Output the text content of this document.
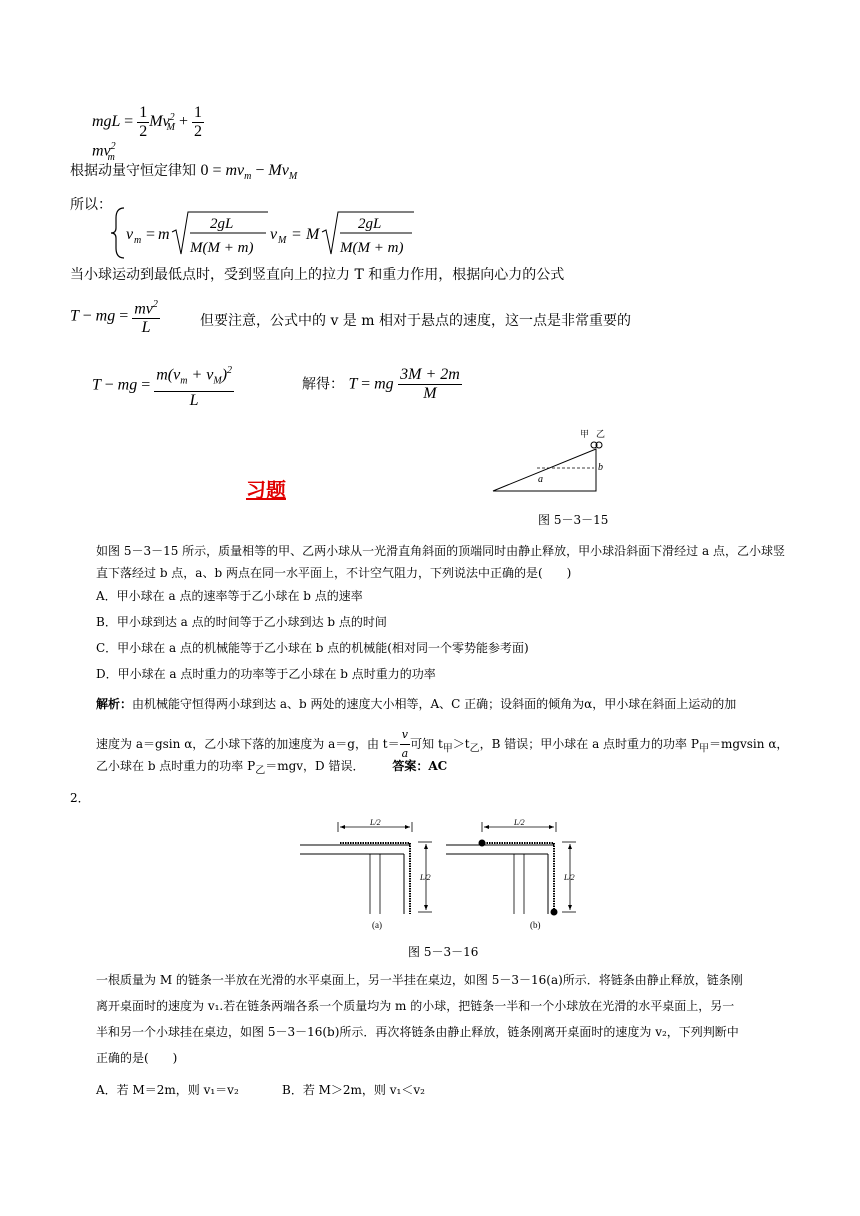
mgL = $\frac{1}{2} Mv^2_M + \frac{1}{2}$
$mv^2_m$
根据动量守恒定律知 $0 = mv_m - Mv_M$
所以：
v m = m
2gL
M(M + m)
v M = M
2gL
M(M + m)
当小球运动到最低点时，受到竖直向上的拉力 T 和重力作用，根据向心力的公式
T − mg = $\frac{mv^2}{L}$	但要注意，公式中的 v 是 m 相对于悬点的速度，这一点是非常重要的
T − mg = $\frac{m(v_m + v_M)^2}{L}$	解得： T = mg $\frac{3M + 2m}{M}$
习题
甲 乙
a
b
图 5－3－15
如图 5－3－15 所示，质量相等的甲、乙两小球从一光滑直角斜面的顶端同时由静止释放，甲小球沿斜面下滑经过 a 点，乙小球竖直下落经过 b 点，a、b 两点在同一水平面上，不计空气阻力，下列说法中正确的是(　　)
A．甲小球在 a 点的速率等于乙小球在 b 点的速率
B．甲小球到达 a 点的时间等于乙小球到达 b 点的时间
C．甲小球在 a 点的机械能等于乙小球在 b 点的机械能(相对同一个零势能参考面)
D．甲小球在 a 点时重力的功率等于乙小球在 b 点时重力的功率
解析：由机械能守恒得两小球到达 a、b 两处的速度大小相等，A、C 正确；设斜面的倾角为α，甲小球在斜面上运动的加
速度为 a＝gsin α，乙小球下落的加速度为 a＝g，由 $t= \frac{v}{a}$ 可知 $t_甲>t_乙$，B 错误；甲小球在 a 点时重力的功率 $P_甲=mgvsin$ α，
乙小球在 b 点时重力的功率 $P_乙=mgv$，D 错误． 答案：AC
2．
L/2
L/2
(a)
L/2
L/2
(b)
图 5－3－16
一根质量为 M 的链条一半放在光滑的水平桌面上，另一半挂在桌边，如图 5－3－16(a)所示．将链条由静止释放，链条刚
离开桌面时的速度为 v₁.若在链条两端各系一个质量均为 m 的小球，把链条一半和一个小球放在光滑的水平桌面上，另一
半和另一个小球挂在桌边，如图 5－3－16(b)所示．再次将链条由静止释放，链条刚离开桌面时的速度为 v₂，下列判断中
正确的是(　　)
A．若 M＝2m，则 v₁＝v₂	B．若 M＞2m，则 v₁＜v₂
